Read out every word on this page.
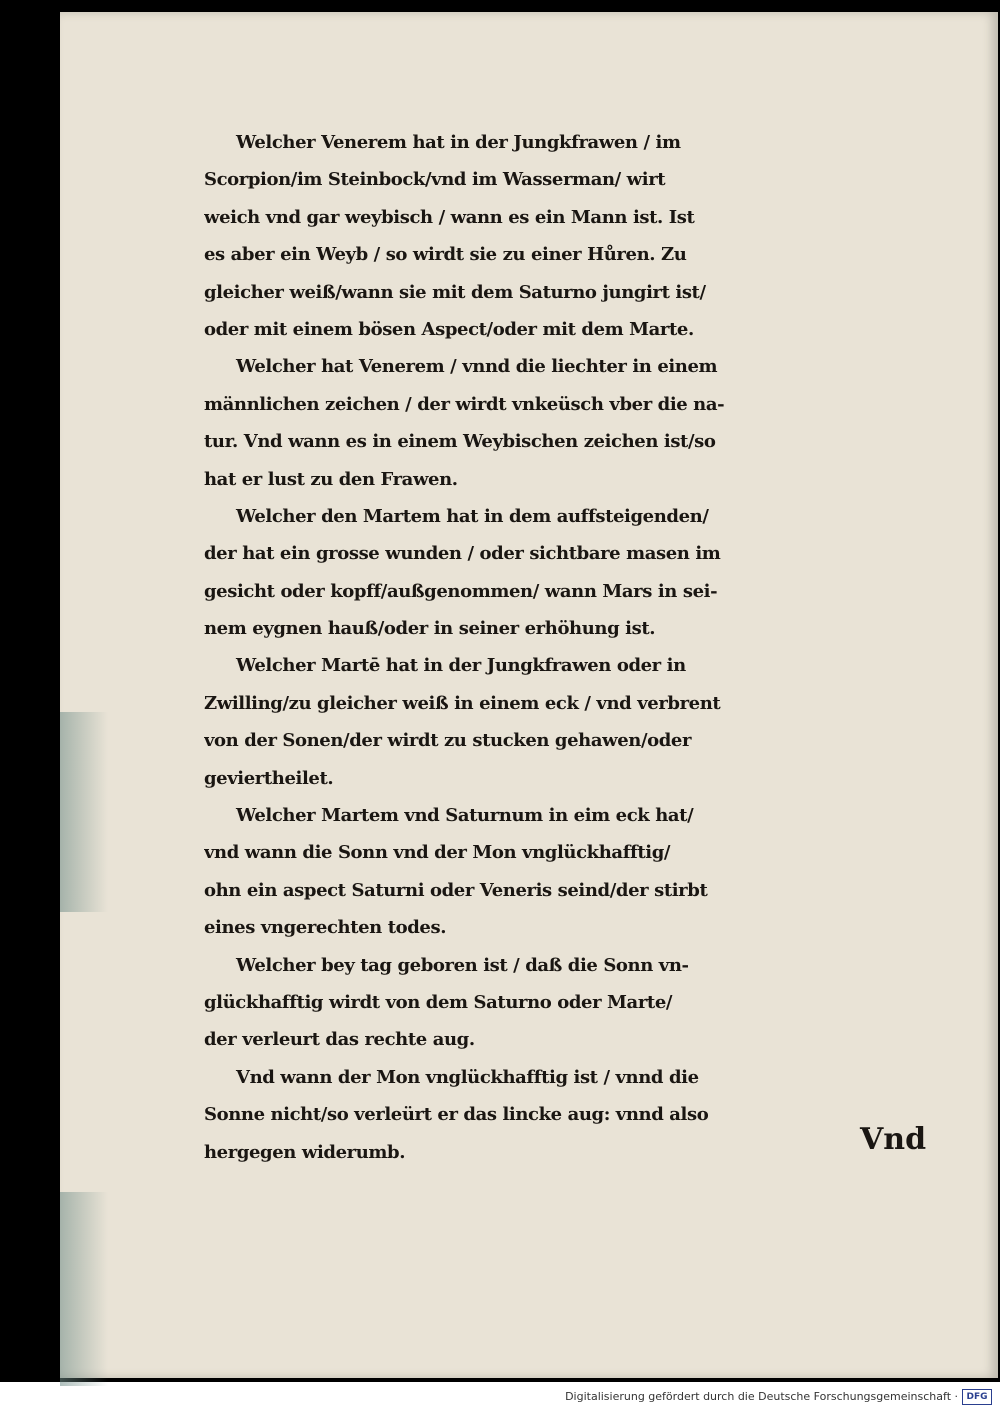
Welcher Venerem hat in der Jungkfrawen / im
Scorpion/im Steinbock/vnd im Wasserman/ wirt
weich vnd gar weybisch / wann es ein Mann ist. Ist
es aber ein Weyb / so wirdt sie zu einer Hůren. Zu
gleicher weiß/wann sie mit dem Saturno jungirt ist/
oder mit einem bösen Aspect/oder mit dem Marte.
Welcher hat Venerem / vnnd die liechter in einem
männlichen zeichen / der wirdt vnkeüsch vber die na-
tur. Vnd wann es in einem Weybischen zeichen ist/so
hat er lust zu den Frawen.
Welcher den Martem hat in dem auffsteigenden/
der hat ein grosse wunden / oder sichtbare masen im
gesicht oder kopff/außgenommen/ wann Mars in sei-
nem eygnen hauß/oder in seiner erhöhung ist.
Welcher Martē hat in der Jungkfrawen oder in
Zwilling/zu gleicher weiß in einem eck / vnd verbrent
von der Sonen/der wirdt zu stucken gehawen/oder
geviertheilet.
Welcher Martem vnd Saturnum in eim eck hat/
vnd wann die Sonn vnd der Mon vnglückhafftig/
ohn ein aspect Saturni oder Veneris seind/der stirbt
eines vngerechten todes.
Welcher bey tag geboren ist / daß die Sonn vn-
glückhafftig wirdt von dem Saturno oder Marte/
der verleurt das rechte aug.
Vnd wann der Mon vnglückhafftig ist / vnnd die
Sonne nicht/so verleürt er das lincke aug: vnnd also
hergegen widerumb.	Vnd
Digitalisierung gefördert durch die Deutsche Forschungsgemeinschaft · DFG
